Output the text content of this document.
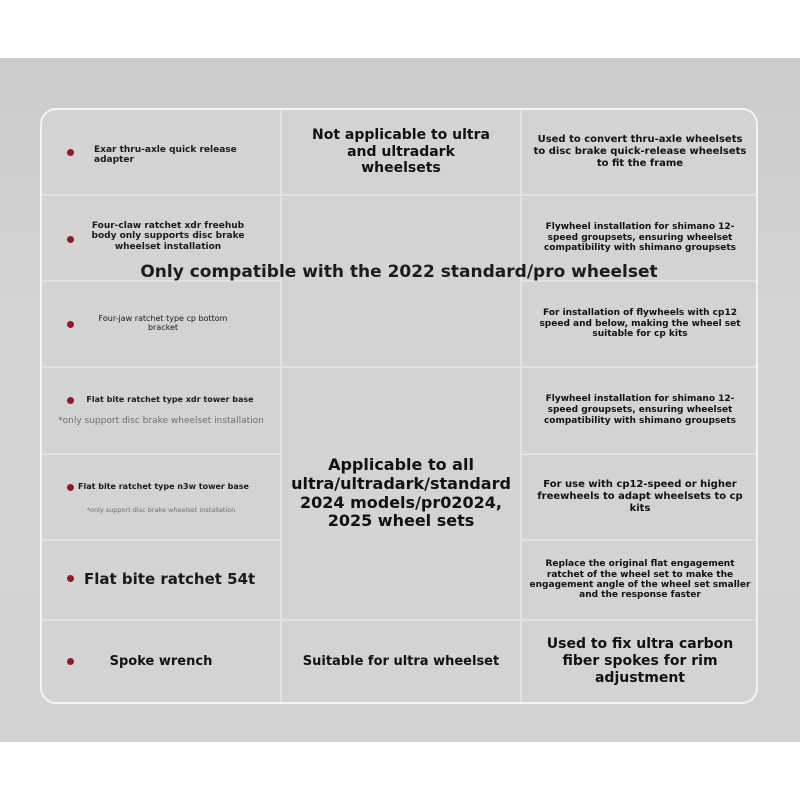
Exar thru-axle quick release adapter
Not applicable to ultra and ultradark wheelsets
Used to convert thru-axle wheelsets to disc brake quick-release wheelsets to fit the frame
Four-claw ratchet xdr freehub body only supports disc brake wheelset installation
Flywheel installation for shimano 12-speed groupsets, ensuring wheelset compatibility with shimano groupsets
Four-jaw ratchet type cp bottom bracket
For installation of flywheels with cp12 speed and below, making the wheel set suitable for cp kits
Only compatible with the 2022 standard/pro wheelset
Flat bite ratchet type xdr tower base
*only support disc brake wheelset installation
Flywheel installation for shimano 12-speed groupsets, ensuring wheelset compatibility with shimano groupsets
Flat bite ratchet type n3w tower base
*only support disc brake wheelset installation
For use with cp12-speed or higher freewheels to adapt wheelsets to cp kits
Applicable to all ultra/ultradark/standard 2024 models/pr02024, 2025 wheel sets
Flat bite ratchet 54t
Replace the original flat engagement ratchet of the wheel set to make the engagement angle of the wheel set smaller and the response faster
Spoke wrench	Suitable for ultra wheelset
Used to fix ultra carbon fiber spokes for rim adjustment
